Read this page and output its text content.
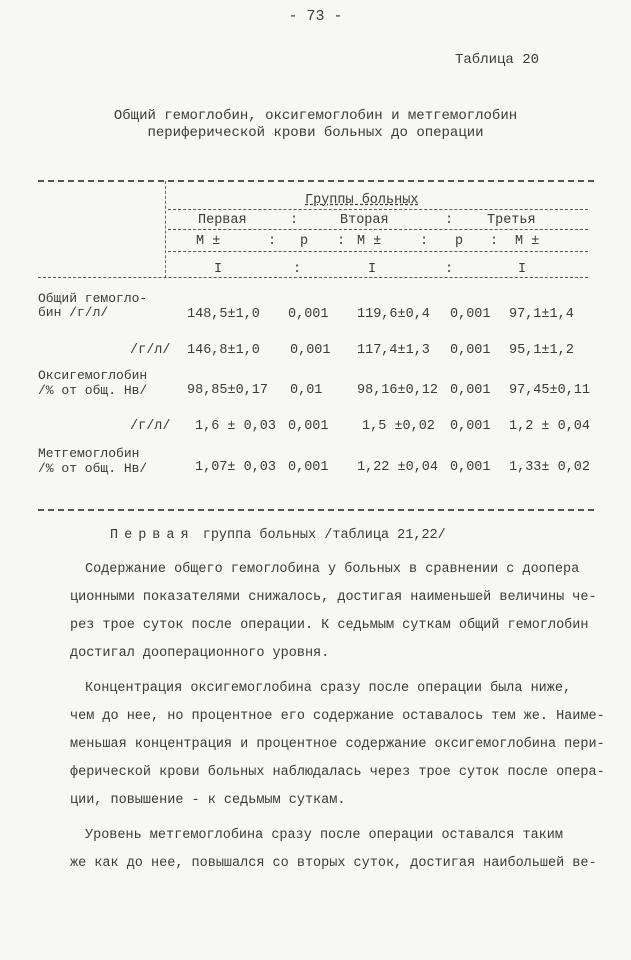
- 73 -
Таблица 20
Общий гемоглобин, оксигемоглобин и метгемоглобин
периферической крови больных до операции
Группы больных
Первая	:	Вторая	:	Третья
М ±	: р : М ±	: р : М ±
I	:	I	:	I
Общий гемогло-
бин /г/л/	148,5±1,0 0,001 119,6±0,4 0,001 97,1±1,4
/г/л/ 146,8±1,0 0,001 117,4±1,3 0,001 95,1±1,2
Оксигемоглобин
/% от общ. Нв/	98,85±0,17 0,01	98,16±0,12 0,001 97,45±0,11
/г/л/ 1,6 ± 0,03 0,001 1,5 ±0,02 0,001 1,2 ± 0,04
Метгемоглобин
/% от общ. Нв/	1,07± 0,03 0,001 1,22 ±0,04 0,001 1,33± 0,02
Первая группа больных /таблица 21,22/
Содержание общего гемоглобина у больных в сравнении с доопера
ционными показателями снижалось, достигая наименьшей величины че-
рез трое суток после операции. К седьмым суткам общий гемоглобин
достигал дооперационного уровня.
Концентрация оксигемоглобина сразу после операции была ниже,
чем до нее, но процентное его содержание оставалось тем же. Наиме-
меньшая концентрация и процентное содержание оксигемоглобина пери-
ферической крови больных наблюдалась через трое суток после опера-
ции, повышение - к седьмым суткам.
Уровень метгемоглобина сразу после операции оставался таким
же как до нее, повышался со вторых суток, достигая наибольшей ве-
